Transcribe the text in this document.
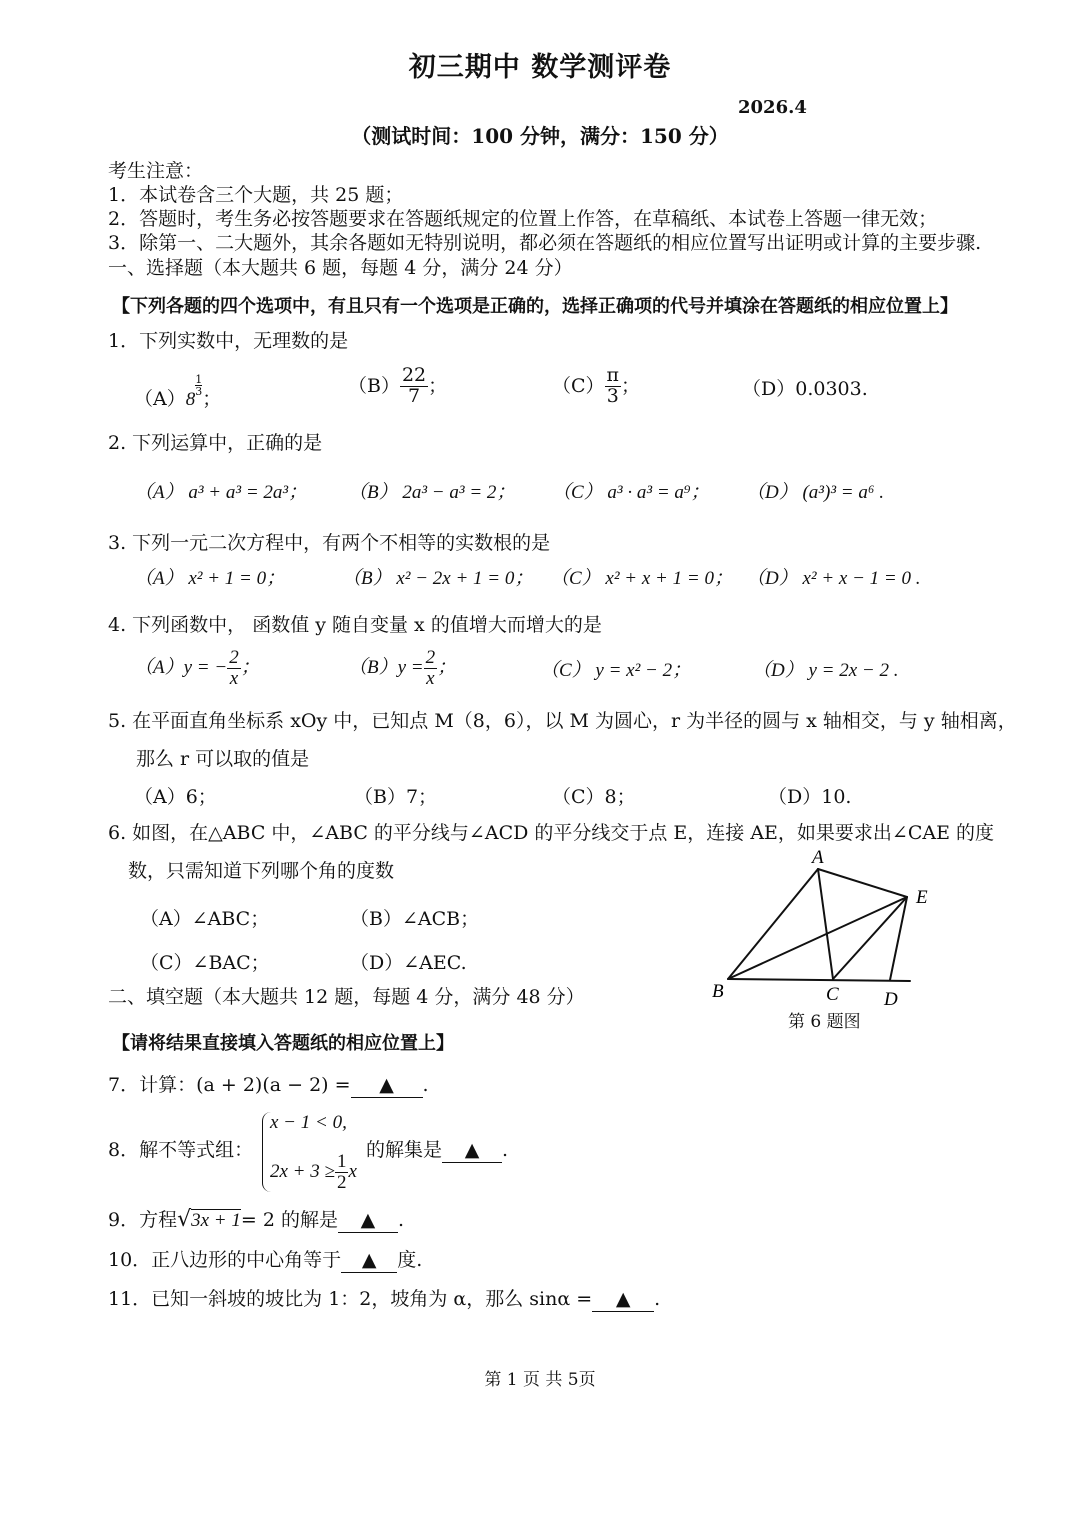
初三期中 数学测评卷
2026.4
（测试时间：100 分钟，满分：150 分）
考生注意：
1．本试卷含三个大题，共 25 题；
2．答题时，考生务必按答题要求在答题纸规定的位置上作答，在草稿纸、本试卷上答题一律无效；
3．除第一、二大题外，其余各题如无特别说明，都必须在答题纸的相应位置写出证明或计算的主要步骤.
一、选择题（本大题共 6 题，每题 4 分，满分 24 分）
【下列各题的四个选项中，有且只有一个选项是正确的，选择正确项的代号并填涂在答题纸的相应位置上】
1．下列实数中，无理数的是
（A）8
$\frac{1}{3}$
；
$(B) \frac{22}{7}$ ；	$(C) \frac{\pi}{3}$ ；	（D）0.0303.
2. 下列运算中，正确的是
（A） a³ + a³ = 2a³； （B） 2a³ − a³ = 2； （C） a³ · a³ = a⁹； （D） (a³)³ = a⁶ .
3. 下列一元二次方程中，有两个不相等的实数根的是
（A） x² + 1 = 0；	（B） x² − 2x + 1 = 0； （C） x² + x + 1 = 0； （D） x² + x − 1 = 0 .
4. 下列函数中， 函数值 y 随自变量 x 的值增大而增大的是
（A）y = − $\frac{2}{x}$ ；	$(B)y = \frac{2}{x}$ ；	（C） y = x² − 2；	（D） y = 2x − 2 .
5. 在平面直角坐标系 xOy 中，已知点 M（8，6），以 M 为圆心，r 为半径的圆与 x 轴相交，与 y 轴相离，
那么 r 可以取的值是
（A）6；	（B）7；	（C）8；	（D）10.
6. 如图，在△ABC 中，∠ABC 的平分线与∠ACD 的平分线交于点 E，连接 AE，如果要求出∠CAE 的度
数，只需知道下列哪个角的度数
（A）∠ABC；	（B）∠ACB；
（C）∠BAC；	（D）∠AEC.
A
E
B	C D
第 6 题图
二、填空题（本大题共 12 题，每题 4 分，满分 48 分）
【请将结果直接填入答题纸的相应位置上】
7．计算：(a + 2)(a − 2) = ▲ .
8．解不等式组：
x − 1 < 0,
$2x + 3 \ge \frac{1}{2}$ x
的解集是 ▲ .
9．方程√3x + 1= 2 的解是 ▲ .
10．正八边形的中心角等于 ▲ 度.
11．已知一斜坡的坡比为 1：2，坡角为 α，那么 sinα = ▲ .
第 1 页 共 5页
